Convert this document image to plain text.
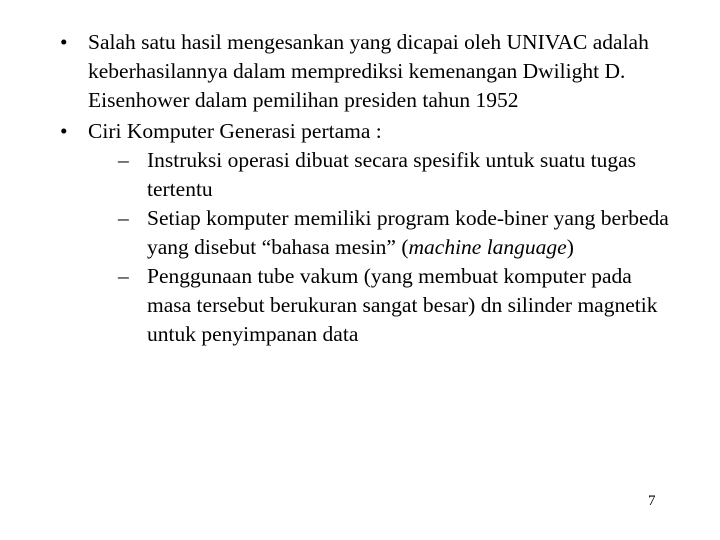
• Salah satu hasil mengesankan yang dicapai oleh UNIVAC adalah keberhasilannya dalam memprediksi kemenangan Dwilight D. Eisenhower dalam pemilihan presiden tahun 1952
• Ciri Komputer Generasi pertama :
– Instruksi operasi dibuat secara spesifik untuk suatu tugas tertentu
– Setiap komputer memiliki program kode-biner yang berbeda yang disebut “bahasa mesin” (machine language)
– Penggunaan tube vakum (yang membuat komputer pada masa tersebut berukuran sangat besar) dn silinder magnetik untuk penyimpanan data
7
